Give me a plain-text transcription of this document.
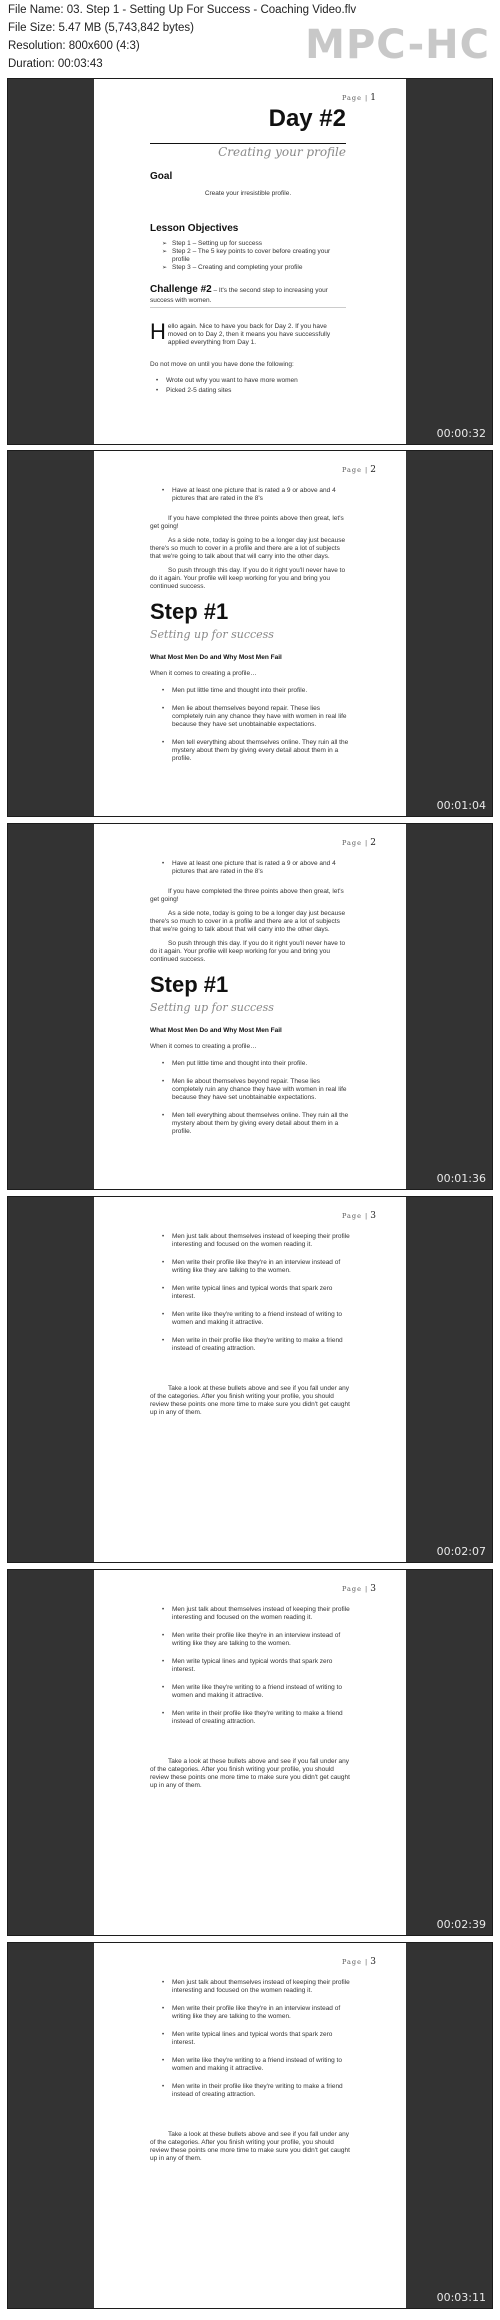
File Name: 03. Step 1 - Setting Up For Success - Coaching Video.flv
File Size: 5.47 MB (5,743,842 bytes)
Resolution: 800x600 (4:3)
Duration: 00:03:43	MPC-HC
Page | 1
Day #2
Creating your profile
Goal
Create your irresistible profile.
Lesson Objectives
➢ Step 1 – Setting up for success
➢ Step 2 – The 5 key points to cover before creating your profile
➢ Step 3 – Creating and completing your profile
Challenge #2 – It's the second step to increasing your success with women.
Hello again. Nice to have you back for Day 2. If you have moved on to Day 2, then it means you have successfully applied everything from Day 1.
Do not move on until you have done the following:
• Wrote out why you want to have more women
• Picked 2-5 dating sites
00:00:32
Page | 2
• Have at least one picture that is rated a 9 or above and 4 pictures that are rated in the 8's
If you have completed the three points above then great, let's get going!
As a side note, today is going to be a longer day just because there's so much to cover in a profile and there are a lot of subjects that we're going to talk about that will carry into the other days.
So push through this day. If you do it right you'll never have to do it again. Your profile will keep working for you and bring you continued success.
Step #1
Setting up for success
What Most Men Do and Why Most Men Fail
When it comes to creating a profile…
• Men put little time and thought into their profile.
• Men lie about themselves beyond repair. These lies completely ruin any chance they have with women in real life because they have set unobtainable expectations.
• Men tell everything about themselves online. They ruin all the mystery about them by giving every detail about them in a profile.
00:01:04
Page | 2
• Have at least one picture that is rated a 9 or above and 4 pictures that are rated in the 8's
If you have completed the three points above then great, let's get going!
As a side note, today is going to be a longer day just because there's so much to cover in a profile and there are a lot of subjects that we're going to talk about that will carry into the other days.
So push through this day. If you do it right you'll never have to do it again. Your profile will keep working for you and bring you continued success.
Step #1
Setting up for success
What Most Men Do and Why Most Men Fail
When it comes to creating a profile…
• Men put little time and thought into their profile.
• Men lie about themselves beyond repair. These lies completely ruin any chance they have with women in real life because they have set unobtainable expectations.
• Men tell everything about themselves online. They ruin all the mystery about them by giving every detail about them in a profile.
00:01:36
Page | 3
• Men just talk about themselves instead of keeping their profile interesting and focused on the women reading it.
• Men write their profile like they're in an interview instead of writing like they are talking to the women.
• Men write typical lines and typical words that spark zero interest.
• Men write like they're writing to a friend instead of writing to women and making it attractive.
• Men write in their profile like they're writing to make a friend instead of creating attraction.
Take a look at these bullets above and see if you fall under any of the categories. After you finish writing your profile, you should review these points one more time to make sure you didn't get caught up in any of them.
00:02:07
Page | 3
• Men just talk about themselves instead of keeping their profile interesting and focused on the women reading it.
• Men write their profile like they're in an interview instead of writing like they are talking to the women.
• Men write typical lines and typical words that spark zero interest.
• Men write like they're writing to a friend instead of writing to women and making it attractive.
• Men write in their profile like they're writing to make a friend instead of creating attraction.
Take a look at these bullets above and see if you fall under any of the categories. After you finish writing your profile, you should review these points one more time to make sure you didn't get caught up in any of them.
00:02:39
Page | 3
• Men just talk about themselves instead of keeping their profile interesting and focused on the women reading it.
• Men write their profile like they're in an interview instead of writing like they are talking to the women.
• Men write typical lines and typical words that spark zero interest.
• Men write like they're writing to a friend instead of writing to women and making it attractive.
• Men write in their profile like they're writing to make a friend instead of creating attraction.
Take a look at these bullets above and see if you fall under any of the categories. After you finish writing your profile, you should review these points one more time to make sure you didn't get caught up in any of them.
00:03:11
